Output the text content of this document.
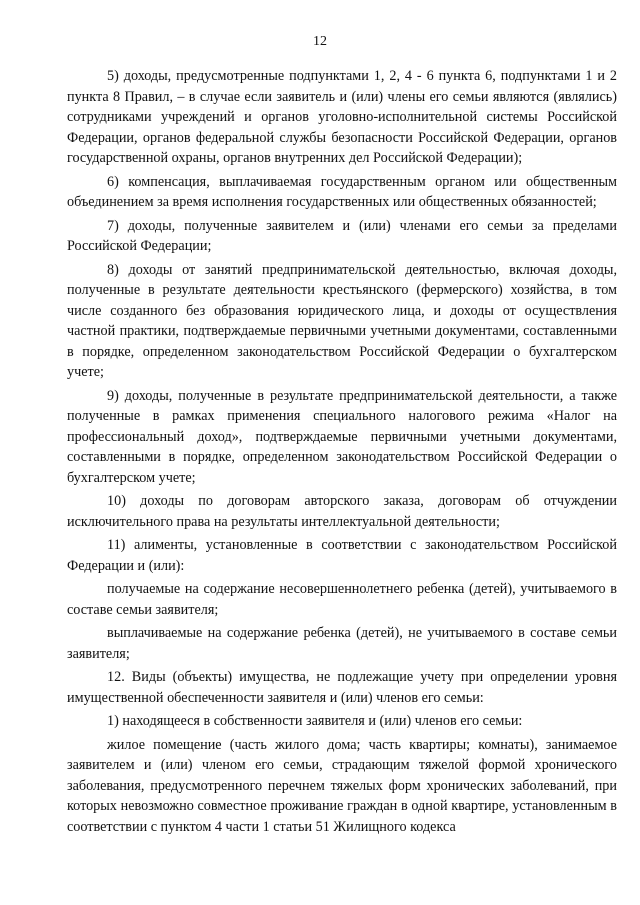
12

5) доходы, предусмотренные подпунктами 1, 2, 4 - 6 пункта 6, подпунктами 1 и 2 пункта 8 Правил, – в случае если заявитель и (или) члены его семьи являются (являлись) сотрудниками учреждений и органов уголовно-исполнительной системы Российской Федерации, органов федеральной службы безопасности Российской Федерации, органов государственной охраны, органов внутренних дел Российской Федерации);

6) компенсация, выплачиваемая государственным органом или общественным объединением за время исполнения государственных или общественных обязанностей;

7) доходы, полученные заявителем и (или) членами его семьи за пределами Российской Федерации;

8) доходы от занятий предпринимательской деятельностью, включая доходы, полученные в результате деятельности крестьянского (фермерского) хозяйства, в том числе созданного без образования юридического лица, и доходы от осуществления частной практики, подтверждаемые первичными учетными документами, составленными в порядке, определенном законодательством Российской Федерации о бухгалтерском учете;

9) доходы, полученные в результате предпринимательской деятельности, а также полученные в рамках применения специального налогового режима «Налог на профессиональный доход», подтверждаемые первичными учетными документами, составленными в порядке, определенном законодательством Российской Федерации о бухгалтерском учете;

10) доходы по договорам авторского заказа, договорам об отчуждении исключительного права на результаты интеллектуальной деятельности;

11) алименты, установленные в соответствии с законодательством Российской Федерации и (или):

получаемые на содержание несовершеннолетнего ребенка (детей), учитываемого в составе семьи заявителя;

выплачиваемые на содержание ребенка (детей), не учитываемого в составе семьи заявителя;

12. Виды (объекты) имущества, не подлежащие учету при определении уровня имущественной обеспеченности заявителя и (или) членов его семьи:

1) находящееся в собственности заявителя и (или) членов его семьи:

жилое помещение (часть жилого дома; часть квартиры; комнаты), занимаемое заявителем и (или) членом его семьи, страдающим тяжелой формой хронического заболевания, предусмотренного перечнем тяжелых форм хронических заболеваний, при которых невозможно совместное проживание граждан в одной квартире, установленным в соответствии с пунктом 4 части 1 статьи 51 Жилищного кодекса
